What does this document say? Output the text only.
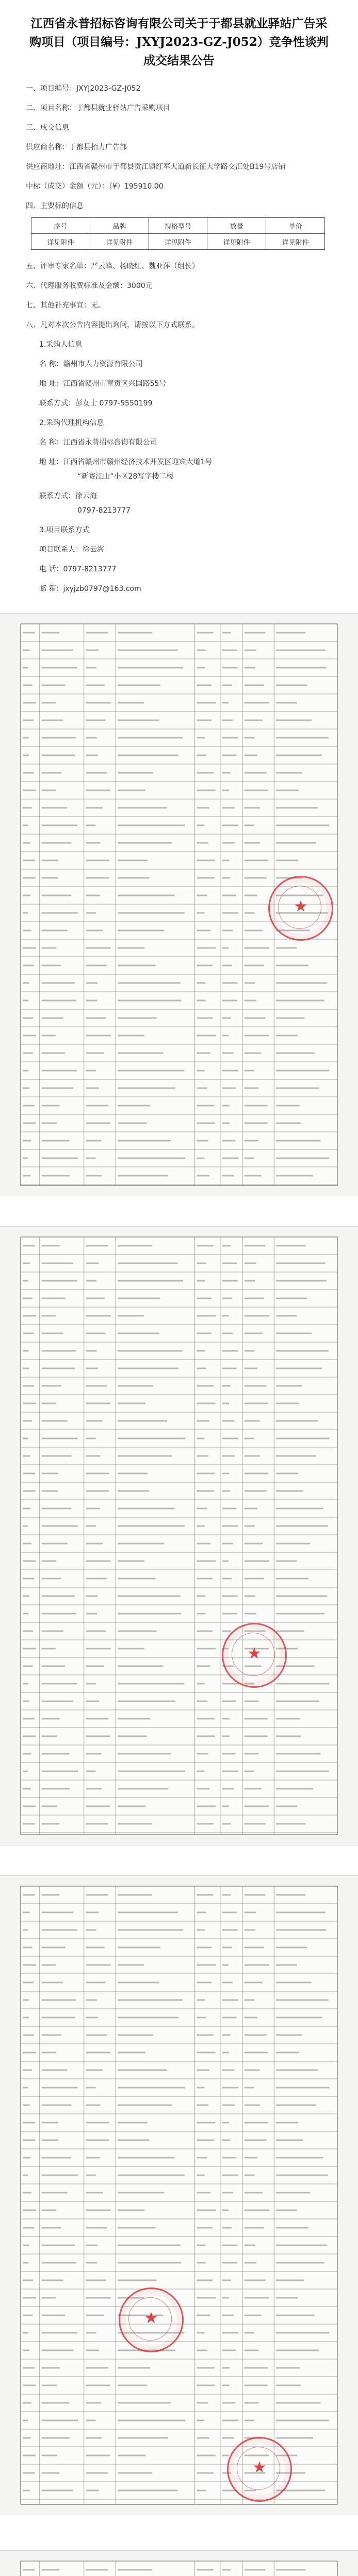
江西省永普招标咨询有限公司关于于都县就业驿站广告采购项目（项目编号：JXYJ2023-GZ-J052）竞争性谈判成交结果公告

一、项目编号：JXYJ2023-GZ-J052

二、项目名称：于都县就业驿站广告采购项目

三、成交信息

供应商名称：于都县栢力广告部

供应商地址：江西省赣州市于都县贡江镇红军大道新长征大学路交汇处B19号店铺

中标（成交）金额（元）：（¥）195910.00

四、主要标的信息

序号	品牌	规格型号	数量	单价
详见附件	详见附件	详见附件	详见附件	详见附件

五、评审专家名单：严云峰、杨晓红、魏亚萍（组长）

六、代理服务收费标准及金额：3000元

七、其他补充事宜：无。

八、凡对本次公告内容提出询问，请按以下方式联系。

1.采购人信息

名 称：赣州市人力资源有限公司

地 址：江西省赣州市章贡区兴国路55号

联系方式：彭女士 0797-5550199

2.采购代理机构信息

名 称：江西省永普招标咨询有限公司

地 址：江西省赣州市赣州经济技术开发区迎宾大道1号

“新赛江山”小区28写字楼二楼

联系方式：徐云海

0797-8213777

3.项目联系方式

项目联系人：徐云海

电 话：0797-8213777

邮 箱：jxyjzb0797@163.com

★
★
★
★
